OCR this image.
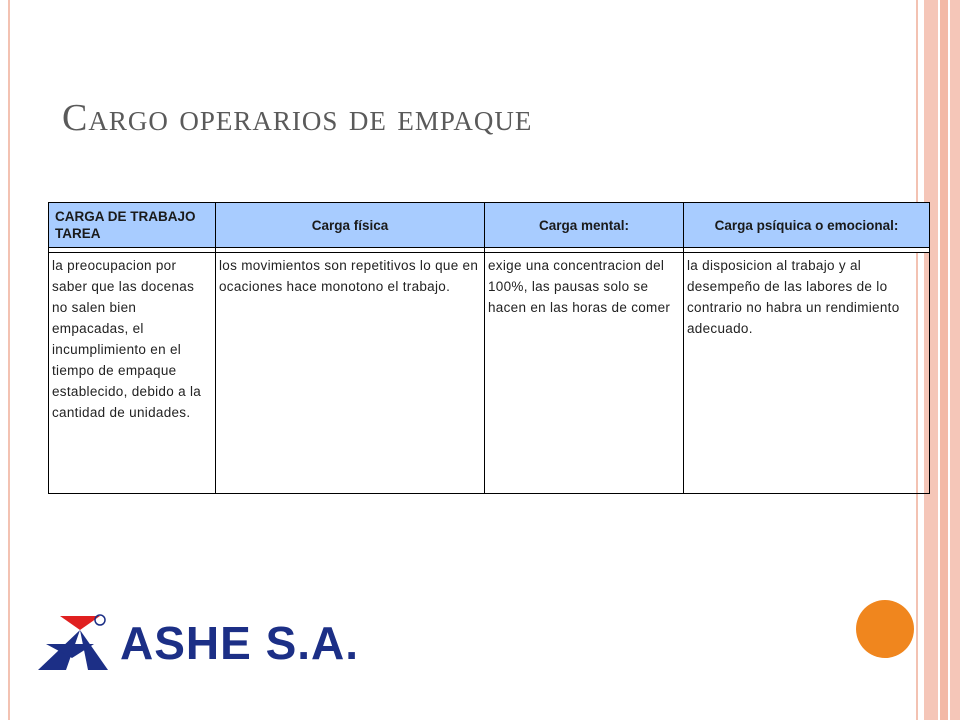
Cargo operarios de empaque
CARGA DE TRABAJO TAREA	Carga física	Carga mental:	Carga psíquica o emocional:

la preocupacion por saber que las docenas no salen bien empacadas, el incumplimiento en el tiempo de empaque establecido, debido a la cantidad de unidades.	los movimientos son repetitivos lo que en ocaciones hace monotono el trabajo.	exige una concentracion del 100%, las pausas solo se hacen en las horas de comer	la disposicion al trabajo y al desempeño de las labores de lo contrario no habra un rendimiento adecuado.
ASHE S.A.
